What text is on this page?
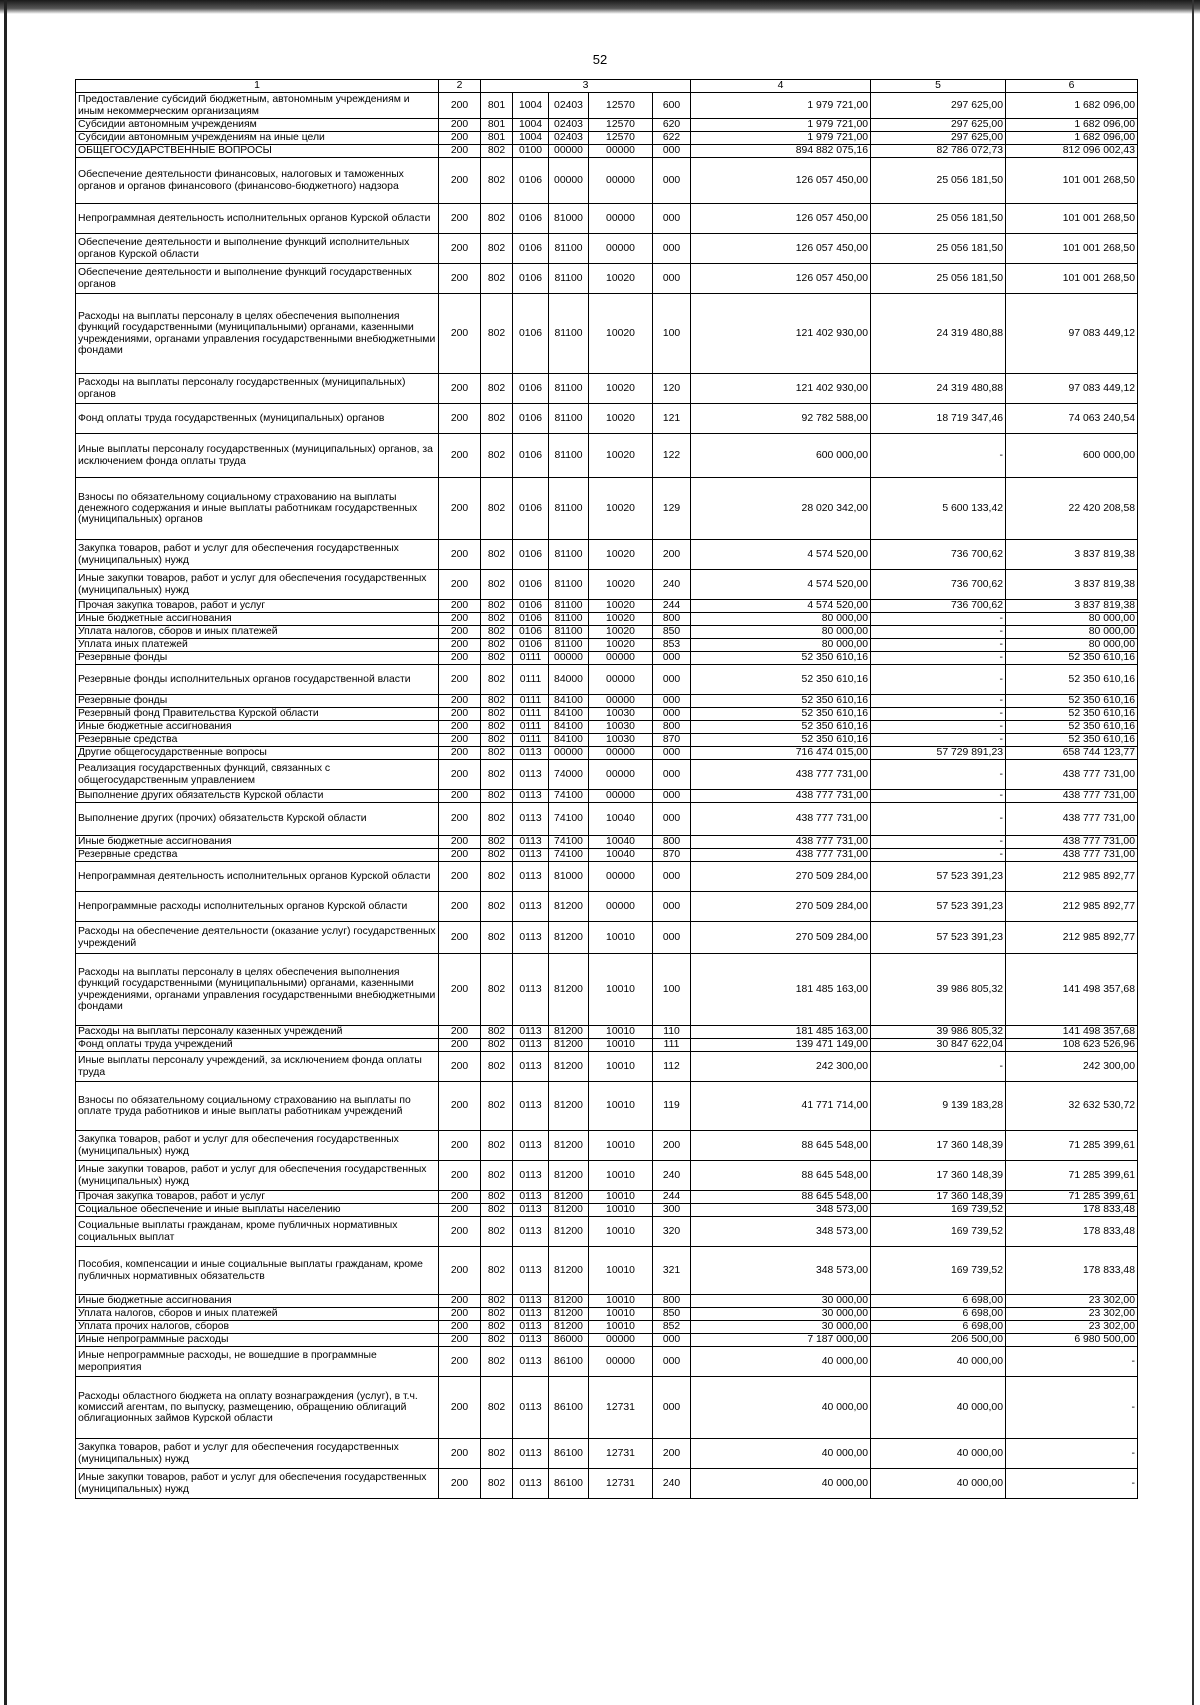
52
1	2	3					4	5	6
Предоставление субсидий бюджетным, автономным учреждениям и иным некоммерческим организациям	200	801	1004	02403	12570	600	1 979 721,00	297 625,00	1 682 096,00
Субсидии автономным учреждениям	200	801	1004	02403	12570	620	1 979 721,00	297 625,00	1 682 096,00
Субсидии автономным учреждениям на иные цели	200	801	1004	02403	12570	622	1 979 721,00	297 625,00	1 682 096,00
ОБЩЕГОСУДАРСТВЕННЫЕ ВОПРОСЫ	200	802	0100	00000	00000	000	894 882 075,16	82 786 072,73	812 096 002,43
Обеспечение деятельности финансовых, налоговых и таможенных органов и органов финансового (финансово-бюджетного) надзора	200	802	0106	00000	00000	000	126 057 450,00	25 056 181,50	101 001 268,50
Непрограммная деятельность исполнительных органов Курской области	200	802	0106	81000	00000	000	126 057 450,00	25 056 181,50	101 001 268,50
Обеспечение деятельности и выполнение функций исполнительных органов Курской области	200	802	0106	81100	00000	000	126 057 450,00	25 056 181,50	101 001 268,50
Обеспечение деятельности и выполнение функций государственных органов	200	802	0106	81100	10020	000	126 057 450,00	25 056 181,50	101 001 268,50
Расходы на выплаты персоналу в целях обеспечения выполнения функций государственными (муниципальными) органами, казенными учреждениями, органами управления государственными внебюджетными фондами	200	802	0106	81100	10020	100	121 402 930,00	24 319 480,88	97 083 449,12
Расходы на выплаты персоналу государственных (муниципальных) органов	200	802	0106	81100	10020	120	121 402 930,00	24 319 480,88	97 083 449,12
Фонд оплаты труда государственных (муниципальных) органов	200	802	0106	81100	10020	121	92 782 588,00	18 719 347,46	74 063 240,54
Иные выплаты персоналу государственных (муниципальных) органов, за исключением фонда оплаты труда	200	802	0106	81100	10020	122	600 000,00	-	600 000,00
Взносы по обязательному социальному страхованию на выплаты денежного содержания и иные выплаты работникам государственных (муниципальных) органов	200	802	0106	81100	10020	129	28 020 342,00	5 600 133,42	22 420 208,58
Закупка товаров, работ и услуг для обеспечения государственных (муниципальных) нужд	200	802	0106	81100	10020	200	4 574 520,00	736 700,62	3 837 819,38
Иные закупки товаров, работ и услуг для обеспечения государственных (муниципальных) нужд	200	802	0106	81100	10020	240	4 574 520,00	736 700,62	3 837 819,38
Прочая закупка товаров, работ и услуг	200	802	0106	81100	10020	244	4 574 520,00	736 700,62	3 837 819,38
Иные бюджетные ассигнования	200	802	0106	81100	10020	800	80 000,00	-	80 000,00
Уплата налогов, сборов и иных платежей	200	802	0106	81100	10020	850	80 000,00	-	80 000,00
Уплата иных платежей	200	802	0106	81100	10020	853	80 000,00	-	80 000,00
Резервные фонды	200	802	0111	00000	00000	000	52 350 610,16	-	52 350 610,16
Резервные фонды исполнительных органов государственной власти	200	802	0111	84000	00000	000	52 350 610,16	-	52 350 610,16
Резервные фонды	200	802	0111	84100	00000	000	52 350 610,16	-	52 350 610,16
Резервный фонд Правительства Курской области	200	802	0111	84100	10030	000	52 350 610,16	-	52 350 610,16
Иные бюджетные ассигнования	200	802	0111	84100	10030	800	52 350 610,16	-	52 350 610,16
Резервные средства	200	802	0111	84100	10030	870	52 350 610,16	-	52 350 610,16
Другие общегосударственные вопросы	200	802	0113	00000	00000	000	716 474 015,00	57 729 891,23	658 744 123,77
Реализация государственных функций, связанных с общегосударственным управлением	200	802	0113	74000	00000	000	438 777 731,00	-	438 777 731,00
Выполнение других обязательств Курской области	200	802	0113	74100	00000	000	438 777 731,00	-	438 777 731,00
Выполнение других (прочих) обязательств Курской области	200	802	0113	74100	10040	000	438 777 731,00	-	438 777 731,00
Иные бюджетные ассигнования	200	802	0113	74100	10040	800	438 777 731,00	-	438 777 731,00
Резервные средства	200	802	0113	74100	10040	870	438 777 731,00	-	438 777 731,00
Непрограммная деятельность исполнительных органов Курской области	200	802	0113	81000	00000	000	270 509 284,00	57 523 391,23	212 985 892,77
Непрограммные расходы исполнительных органов Курской области	200	802	0113	81200	00000	000	270 509 284,00	57 523 391,23	212 985 892,77
Расходы на обеспечение деятельности (оказание услуг) государственных учреждений	200	802	0113	81200	10010	000	270 509 284,00	57 523 391,23	212 985 892,77
Расходы на выплаты персоналу в целях обеспечения выполнения функций государственными (муниципальными) органами, казенными учреждениями, органами управления государственными внебюджетными фондами	200	802	0113	81200	10010	100	181 485 163,00	39 986 805,32	141 498 357,68
Расходы на выплаты персоналу казенных учреждений	200	802	0113	81200	10010	110	181 485 163,00	39 986 805,32	141 498 357,68
Фонд оплаты труда учреждений	200	802	0113	81200	10010	111	139 471 149,00	30 847 622,04	108 623 526,96
Иные выплаты персоналу учреждений, за исключением фонда оплаты труда	200	802	0113	81200	10010	112	242 300,00	-	242 300,00
Взносы по обязательному социальному страхованию на выплаты по оплате труда работников и иные выплаты работникам учреждений	200	802	0113	81200	10010	119	41 771 714,00	9 139 183,28	32 632 530,72
Закупка товаров, работ и услуг для обеспечения государственных (муниципальных) нужд	200	802	0113	81200	10010	200	88 645 548,00	17 360 148,39	71 285 399,61
Иные закупки товаров, работ и услуг для обеспечения государственных (муниципальных) нужд	200	802	0113	81200	10010	240	88 645 548,00	17 360 148,39	71 285 399,61
Прочая закупка товаров, работ и услуг	200	802	0113	81200	10010	244	88 645 548,00	17 360 148,39	71 285 399,61
Социальное обеспечение и иные выплаты населению	200	802	0113	81200	10010	300	348 573,00	169 739,52	178 833,48
Социальные выплаты гражданам, кроме публичных нормативных социальных выплат	200	802	0113	81200	10010	320	348 573,00	169 739,52	178 833,48
Пособия, компенсации и иные социальные выплаты гражданам, кроме публичных нормативных обязательств	200	802	0113	81200	10010	321	348 573,00	169 739,52	178 833,48
Иные бюджетные ассигнования	200	802	0113	81200	10010	800	30 000,00	6 698,00	23 302,00
Уплата налогов, сборов и иных платежей	200	802	0113	81200	10010	850	30 000,00	6 698,00	23 302,00
Уплата прочих налогов, сборов	200	802	0113	81200	10010	852	30 000,00	6 698,00	23 302,00
Иные непрограммные расходы	200	802	0113	86000	00000	000	7 187 000,00	206 500,00	6 980 500,00
Иные непрограммные расходы, не вошедшие в программные мероприятия	200	802	0113	86100	00000	000	40 000,00	40 000,00	-
Расходы областного бюджета на оплату вознаграждения (услуг), в т.ч. комиссий агентам, по выпуску, размещению, обращению облигаций облигационных займов Курской области	200	802	0113	86100	12731	000	40 000,00	40 000,00	-
Закупка товаров, работ и услуг для обеспечения государственных (муниципальных) нужд	200	802	0113	86100	12731	200	40 000,00	40 000,00	-
Иные закупки товаров, работ и услуг для обеспечения государственных (муниципальных) нужд	200	802	0113	86100	12731	240	40 000,00	40 000,00	-
